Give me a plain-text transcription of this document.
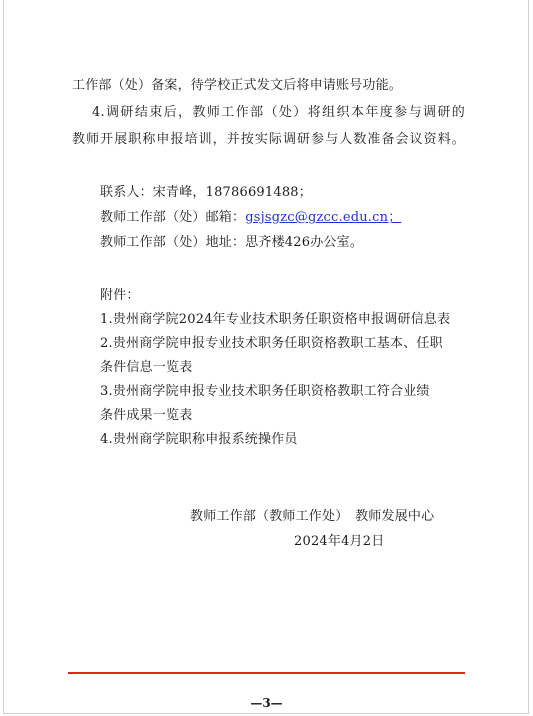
工作部（处）备案，待学校正式发文后将申请账号功能。
4.调研结束后，教师工作部（处）将组织本年度参与调研的
教师开展职称申报培训，并按实际调研参与人数准备会议资料。
联系人：宋青峰，18786691488；
教师工作部（处）邮箱：gsjsgzc@gzcc.edu.cn；
教师工作部（处）地址：思齐楼426办公室。
附件：
1.贵州商学院2024年专业技术职务任职资格申报调研信息表
2.贵州商学院申报专业技术职务任职资格教职工基本、任职
条件信息一览表
3.贵州商学院申报专业技术职务任职资格教职工符合业绩
条件成果一览表
4.贵州商学院职称申报系统操作员
教师工作部（教师工作处）　教师发展中心
2024年4月2日
—3—
